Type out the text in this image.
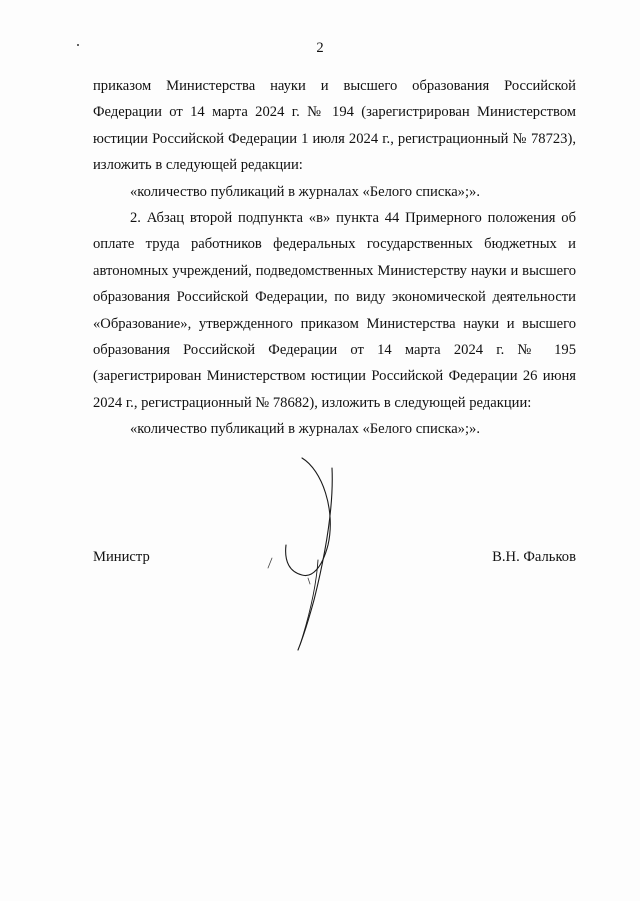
2

приказом Министерства науки и высшего образования Российской Федерации от 14 марта 2024 г. № 194 (зарегистрирован Министерством юстиции Российской Федерации 1 июля 2024 г., регистрационный № 78723), изложить в следующей редакции:

«количество публикаций в журналах «Белого списка»;».

2. Абзац второй подпункта «в» пункта 44 Примерного положения об оплате труда работников федеральных государственных бюджетных и автономных учреждений, подведомственных Министерству науки и высшего образования Российской Федерации, по виду экономической деятельности «Образование», утвержденного приказом Министерства науки и высшего образования Российской Федерации от 14 марта 2024 г. № 195 (зарегистрирован Министерством юстиции Российской Федерации 26 июня 2024 г., регистрационный № 78682), изложить в следующей редакции:

«количество публикаций в журналах «Белого списка»;».

Министр	В.Н. Фальков
